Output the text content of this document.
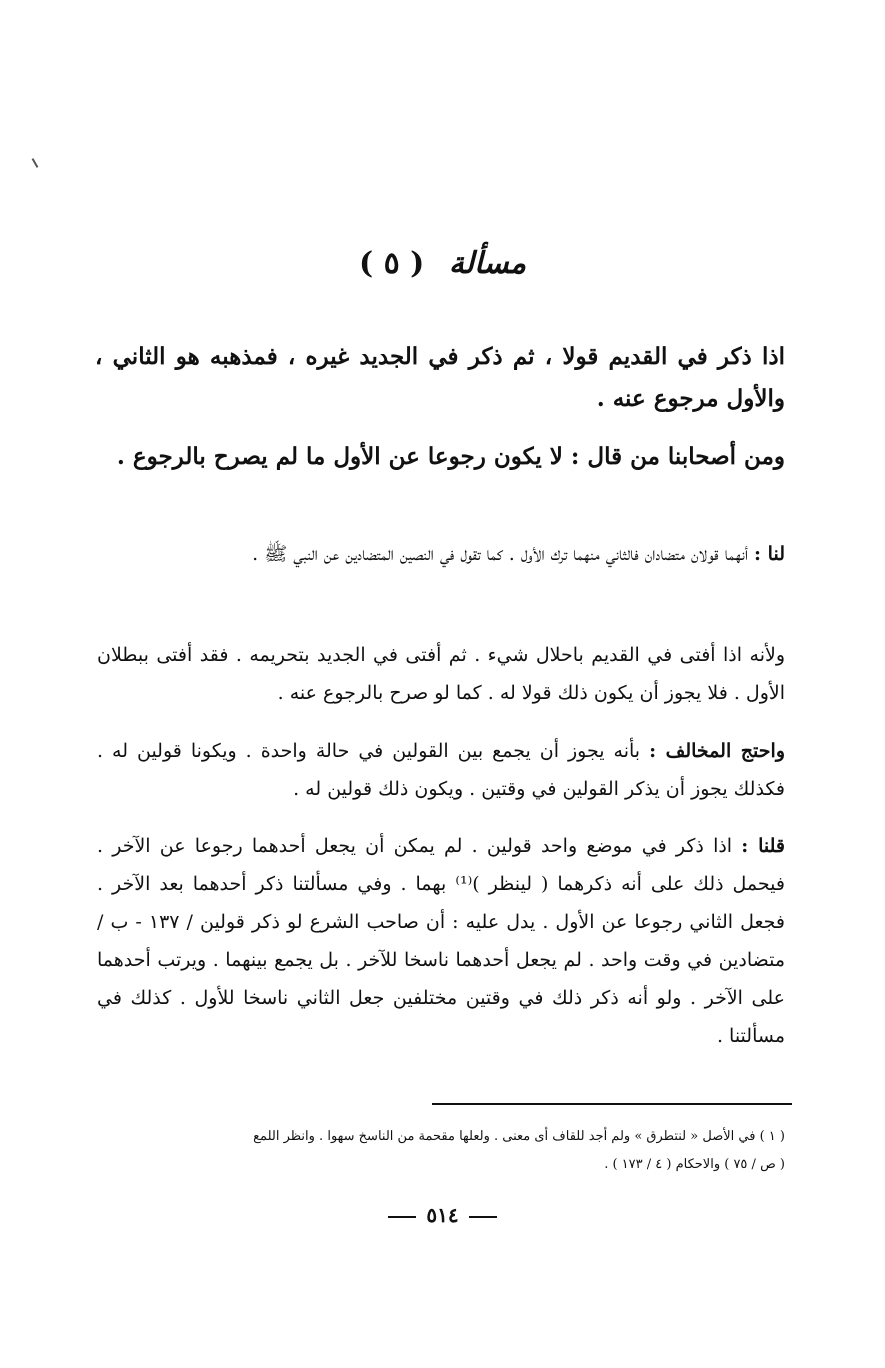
مسألة ( ٥ )
اذا ذكر في القديم قولا ، ثم ذكر في الجديد غيره ، فمذهبه هو الثاني ، والأول مرجوع عنه .
ومن أصحابنا من قال : لا يكون رجوعا عن الأول ما لم يصرح بالرجوع .
لنا : أنهما قولان متضادان فالثاني منهما ترك الأول . كما تقول في النصين المتضادين عن النبي ﷺ .
ولأنه اذا أفتى في القديم باحلال شيء . ثم أفتى في الجديد بتحريمه . فقد أفتى ببطلان الأول . فلا يجوز أن يكون ذلك قولا له . كما لو صرح بالرجوع عنه .
واحتج المخالف : بأنه يجوز أن يجمع بين القولين في حالة واحدة . ويكونا قولين له . فكذلك يجوز أن يذكر القولين في وقتين . ويكون ذلك قولين له .
قلنا : اذا ذكر في موضع واحد قولين . لم يمكن أن يجعل أحدهما رجوعا عن الآخر . فيحمل ذلك على أنه ذكرهما ( لينظر )⁽¹⁾ بهما . وفي مسألتنا ذكر أحدهما بعد الآخر . فجعل الثاني رجوعا عن الأول . يدل عليه : أن صاحب الشرع لو ذكر قولين / ١٣٧ - ب / متضادين في وقت واحد . لم يجعل أحدهما ناسخا للآخر . بل يجمع بينهما . ويرتب أحدهما على الآخر . ولو أنه ذكر ذلك في وقتين مختلفين جعل الثاني ناسخا للأول . كذلك في مسألتنا .
( ١ ) في الأصل « لنتطرق » ولم أجد للقاف أى معنى . ولعلها مقحمة من الناسخ سهوا . وانظر اللمع
( ص / ٧٥ ) والاحكام ( ٤ / ١٧٣ ) .
٥١٤
